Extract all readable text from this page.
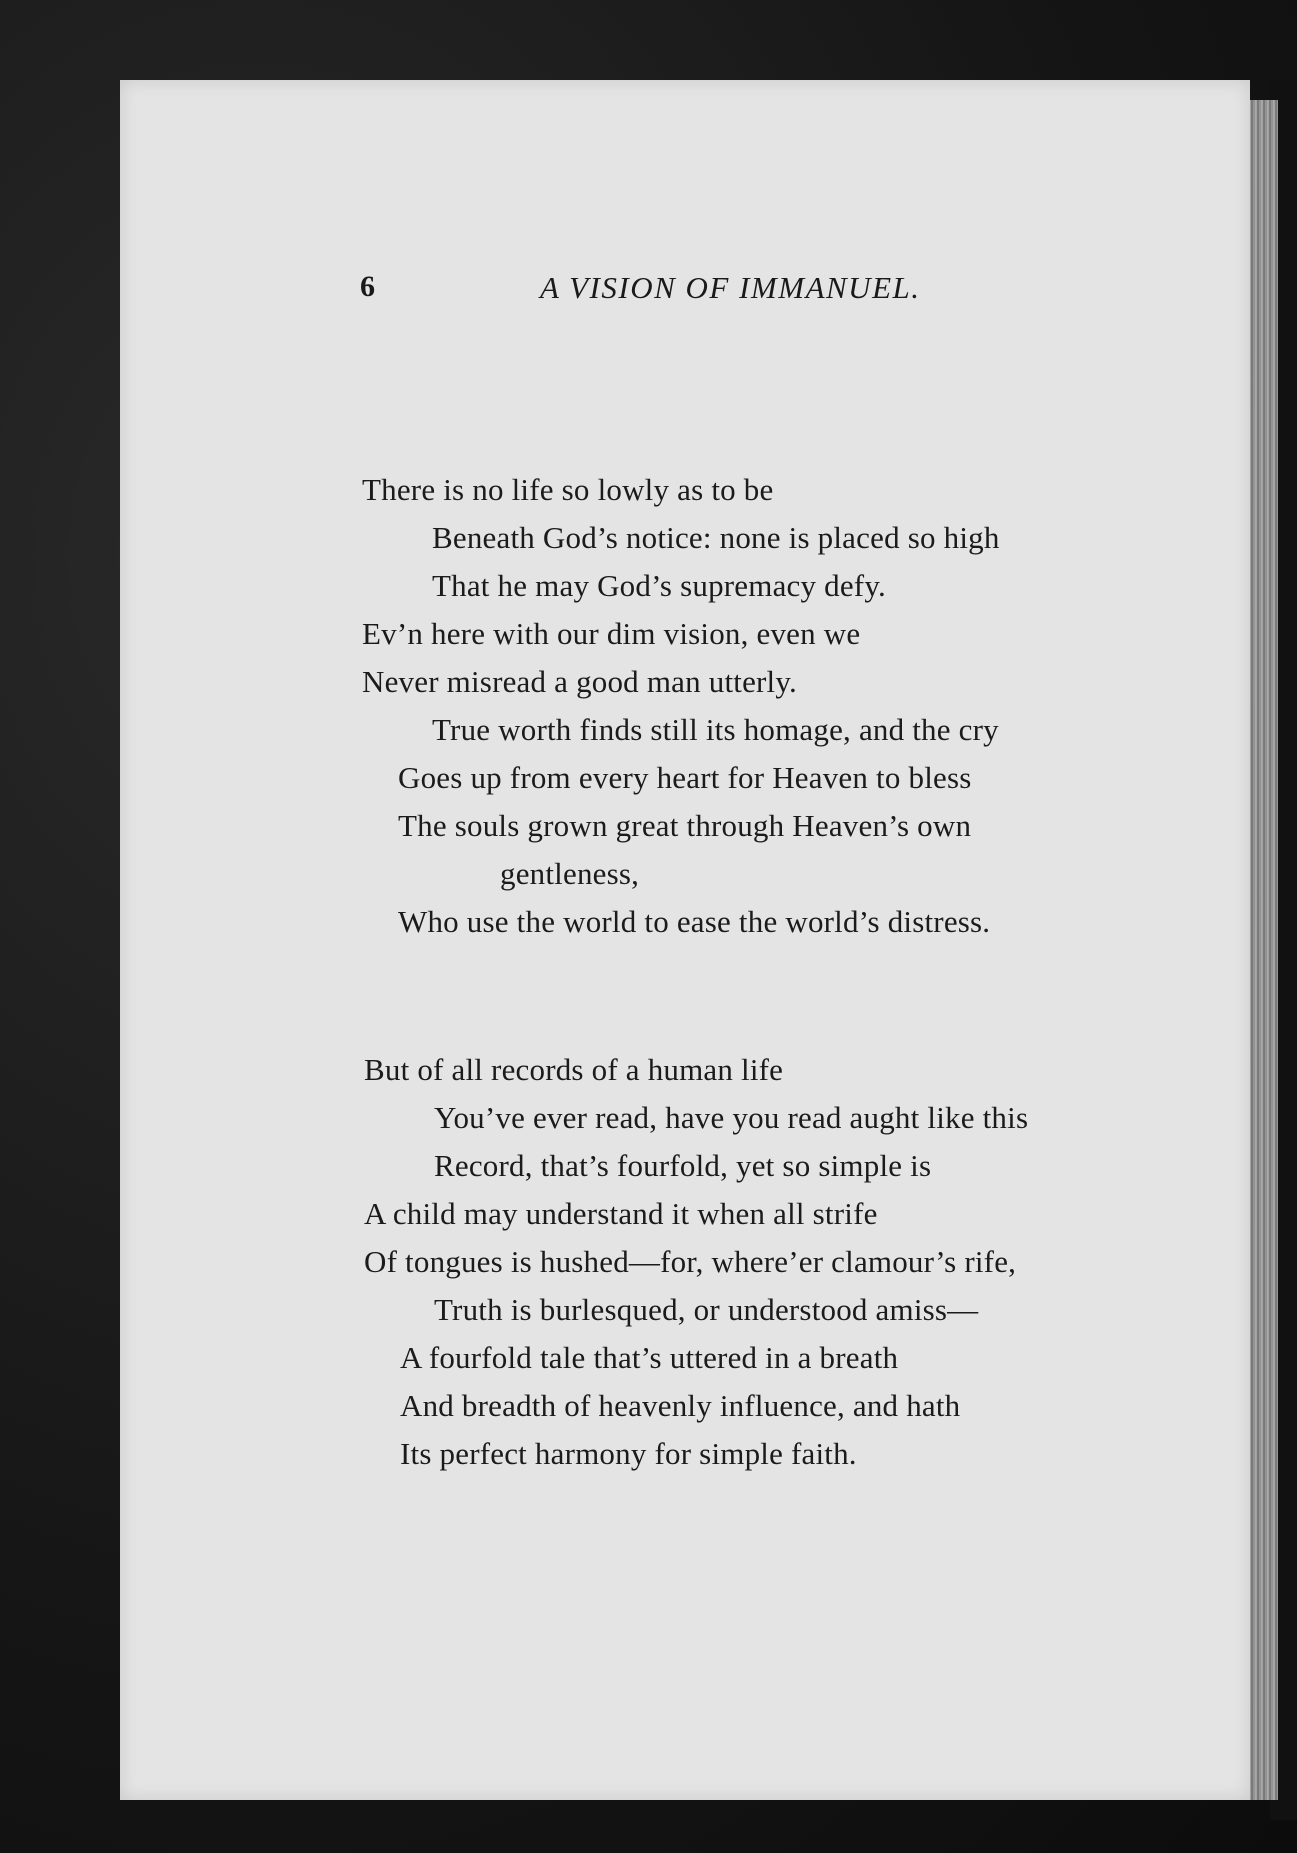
6	A VISION OF IMMANUEL.
There is no life so lowly as to be
Beneath God’s notice: none is placed so high
That he may God’s supremacy defy.
Ev’n here with our dim vision, even we
Never misread a good man utterly.
True worth finds still its homage, and the cry
Goes up from every heart for Heaven to bless
The souls grown great through Heaven’s own
gentleness,
Who use the world to ease the world’s distress.
But of all records of a human life
You’ve ever read, have you read aught like this
Record, that’s fourfold, yet so simple is
A child may understand it when all strife
Of tongues is hushed—for, where’er clamour’s rife,
Truth is burlesqued, or understood amiss—
A fourfold tale that’s uttered in a breath
And breadth of heavenly influence, and hath
Its perfect harmony for simple faith.
